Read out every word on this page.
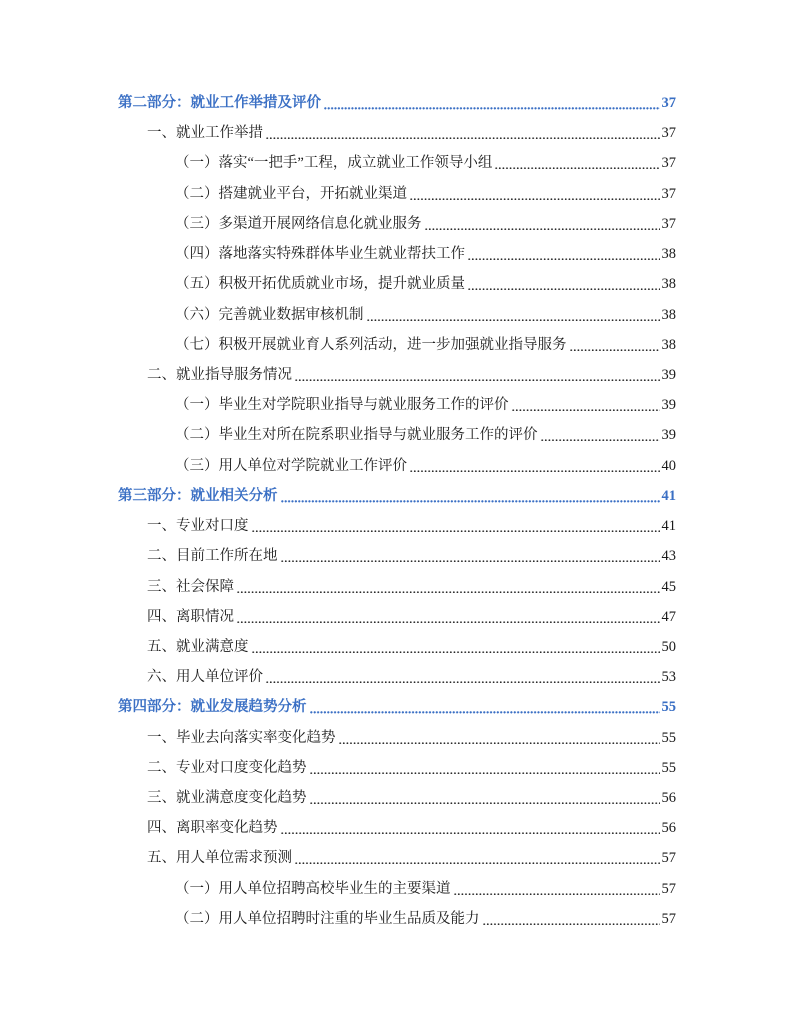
第二部分：就业工作举措及评价	37
一、就业工作举措	37
（一）落实“一把手”工程，成立就业工作领导小组	37
（二）搭建就业平台，开拓就业渠道	37
（三）多渠道开展网络信息化就业服务	37
（四）落地落实特殊群体毕业生就业帮扶工作	38
（五）积极开拓优质就业市场，提升就业质量	38
（六）完善就业数据审核机制	38
（七）积极开展就业育人系列活动，进一步加强就业指导服务	38
二、就业指导服务情况	39
（一）毕业生对学院职业指导与就业服务工作的评价	39
（二）毕业生对所在院系职业指导与就业服务工作的评价	39
（三）用人单位对学院就业工作评价	40
第三部分：就业相关分析	41
一、专业对口度	41
二、目前工作所在地	43
三、社会保障	45
四、离职情况	47
五、就业满意度	50
六、用人单位评价	53
第四部分：就业发展趋势分析	55
一、毕业去向落实率变化趋势	55
二、专业对口度变化趋势	55
三、就业满意度变化趋势	56
四、离职率变化趋势	56
五、用人单位需求预测	57
（一）用人单位招聘高校毕业生的主要渠道	57
（二）用人单位招聘时注重的毕业生品质及能力	57
